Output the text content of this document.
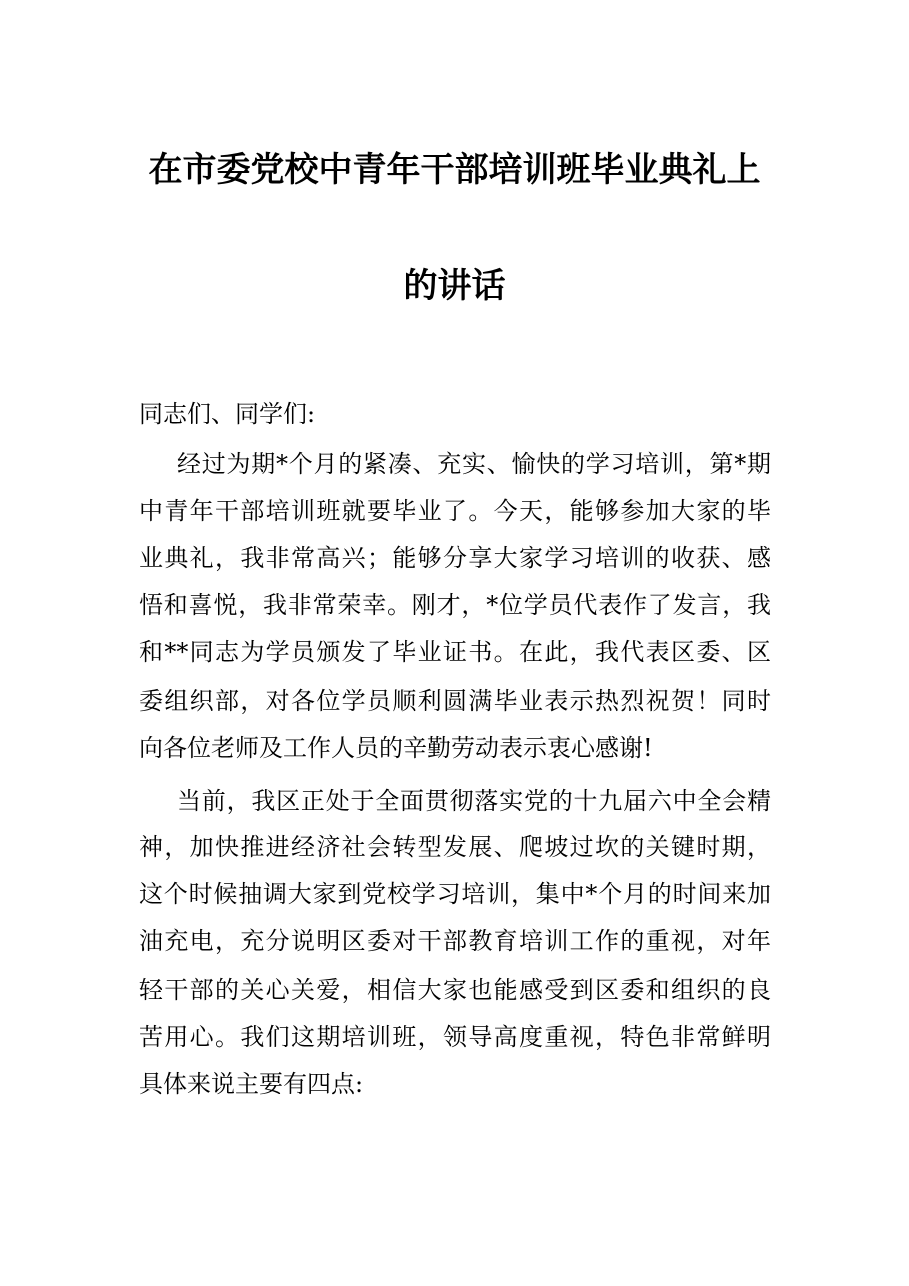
在市委党校中青年干部培训班毕业典礼上
的讲话
同志们、同学们:
经过为期*个月的紧凑、充实、愉快的学习培训，第*期
中青年干部培训班就要毕业了。今天，能够参加大家的毕
业典礼，我非常高兴；能够分享大家学习培训的收获、感
悟和喜悦，我非常荣幸。刚才，*位学员代表作了发言，我
和**同志为学员颁发了毕业证书。在此，我代表区委、区
委组织部，对各位学员顺利圆满毕业表示热烈祝贺！同时
向各位老师及工作人员的辛勤劳动表示衷心感谢!
当前，我区正处于全面贯彻落实党的十九届六中全会精
神，加快推进经济社会转型发展、爬坡过坎的关键时期，
这个时候抽调大家到党校学习培训，集中*个月的时间来加
油充电，充分说明区委对干部教育培训工作的重视，对年
轻干部的关心关爱，相信大家也能感受到区委和组织的良
苦用心。我们这期培训班，领导高度重视，特色非常鲜明
具体来说主要有四点:
